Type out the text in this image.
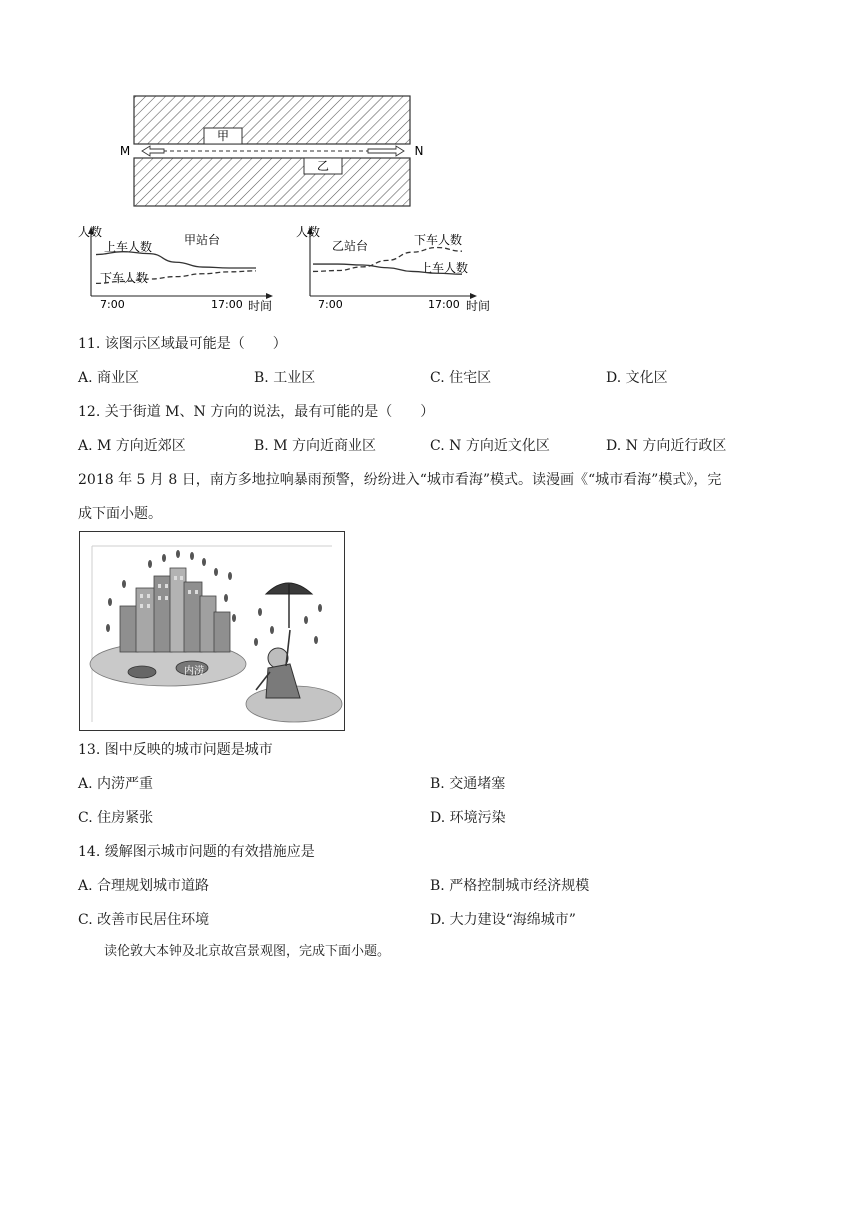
甲
乙
M	N
人数
甲站台
上车人数
下车人数
7:00	17:00 时间
人数
乙站台	下车人数
上车人数
7:00	17:00 时间
11. 该图示区域最可能是（　　）
A. 商业区	B. 工业区	C. 住宅区	D. 文化区
12. 关于街道 M、N 方向的说法，最有可能的是（　　）
A. M 方向近郊区	B. M 方向近商业区	C. N 方向近文化区	D. N 方向近行政区
2018 年 5 月 8 日，南方多地拉响暴雨预警，纷纷进入“城市看海”模式。读漫画《“城市看海”模式》，完
成下面小题。
内涝
13. 图中反映的城市问题是城市
A. 内涝严重	B. 交通堵塞
C. 住房紧张	D. 环境污染
14. 缓解图示城市问题的有效措施应是
A. 合理规划城市道路	B. 严格控制城市经济规模
C. 改善市民居住环境	D. 大力建设“海绵城市”
读伦敦大本钟及北京故宫景观图，完成下面小题。
